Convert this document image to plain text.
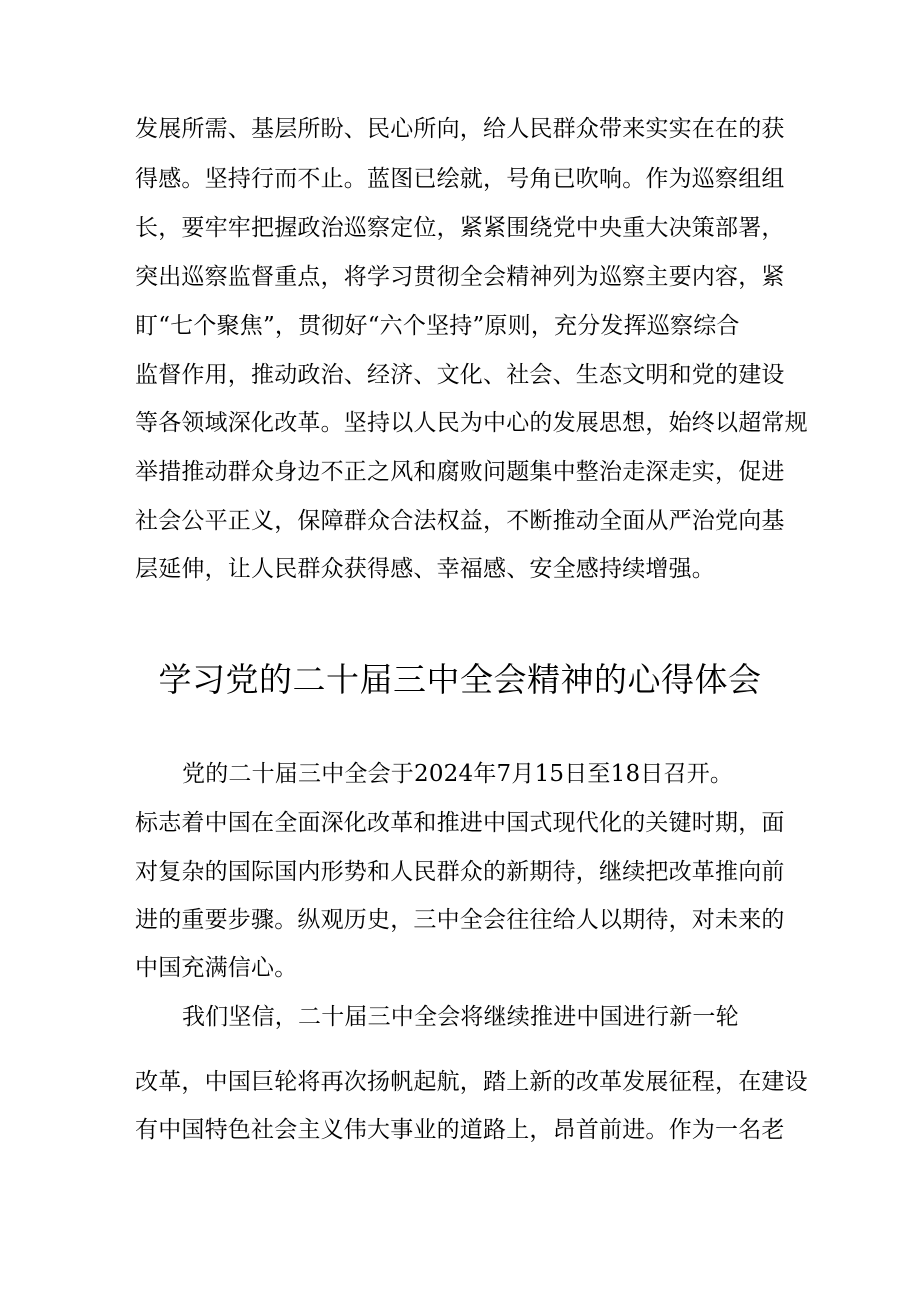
发展所需、基层所盼、民心所向，给人民群众带来实实在在的获
得感。坚持行而不止。蓝图已绘就，号角已吹响。作为巡察组组
长，要牢牢把握政治巡察定位，紧紧围绕党中央重大决策部署，
突出巡察监督重点，将学习贯彻全会精神列为巡察主要内容，紧
盯“七个聚焦”，贯彻好“六个坚持”原则，充分发挥巡察综合
监督作用，推动政治、经济、文化、社会、生态文明和党的建设
等各领域深化改革。坚持以人民为中心的发展思想，始终以超常规
举措推动群众身边不正之风和腐败问题集中整治走深走实，促进
社会公平正义，保障群众合法权益，不断推动全面从严治党向基
层延伸，让人民群众获得感、幸福感、安全感持续增强。
学习党的二十届三中全会精神的心得体会
党的二十届三中全会于2024年7月15日至18日召开。
标志着中国在全面深化改革和推进中国式现代化的关键时期，面
对复杂的国际国内形势和人民群众的新期待，继续把改革推向前
进的重要步骤。纵观历史，三中全会往往给人以期待，对未来的
中国充满信心。
我们坚信，二十届三中全会将继续推进中国进行新一轮
改革，中国巨轮将再次扬帆起航，踏上新的改革发展征程，在建设
有中国特色社会主义伟大事业的道路上，昂首前进。作为一名老
